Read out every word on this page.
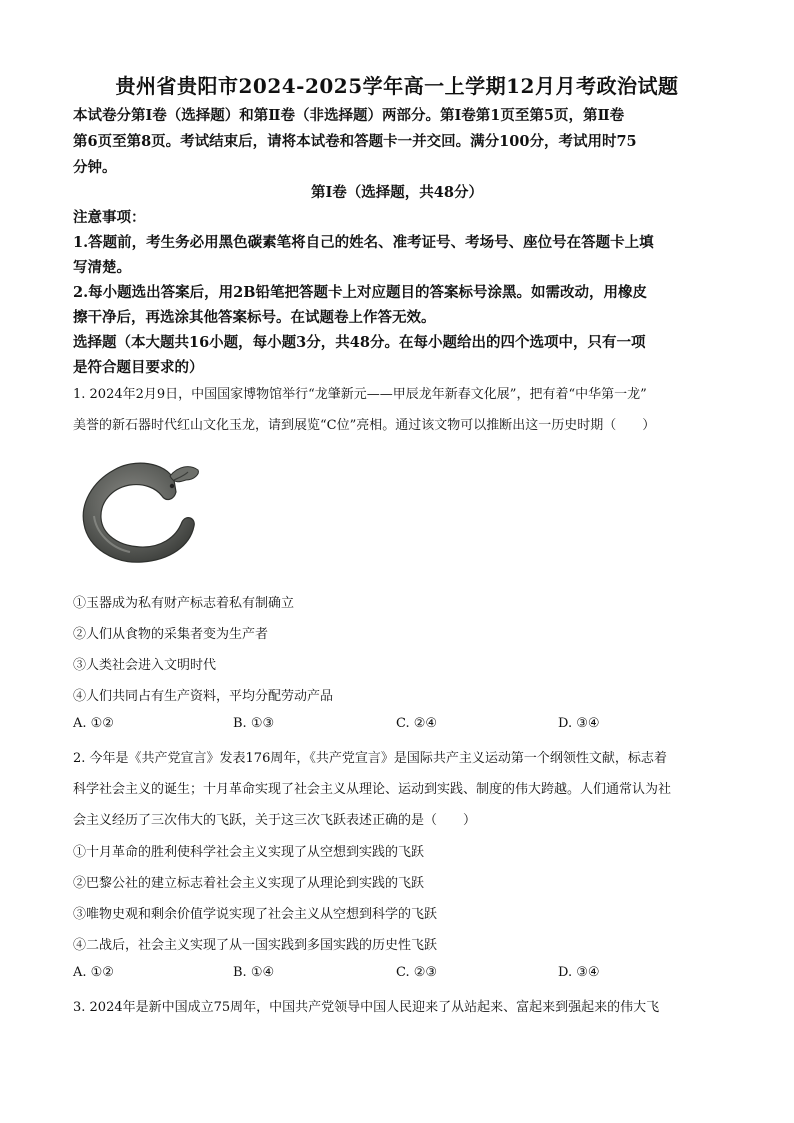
贵州省贵阳市2024-2025学年高一上学期12月月考政治试题
本试卷分第Ⅰ卷（选择题）和第Ⅱ卷（非选择题）两部分。第Ⅰ卷第1页至第5页，第Ⅱ卷
第6页至第8页。考试结束后，请将本试卷和答题卡一并交回。满分100分，考试用时75
分钟。
第Ⅰ卷（选择题，共48分）
注意事项：
1.答题前，考生务必用黑色碳素笔将自己的姓名、准考证号、考场号、座位号在答题卡上填
写清楚。
2.每小题选出答案后，用2B铅笔把答题卡上对应题目的答案标号涂黑。如需改动，用橡皮
擦干净后，再选涂其他答案标号。在试题卷上作答无效。
选择题（本大题共16小题，每小题3分，共48分。在每小题给出的四个选项中，只有一项
是符合题目要求的）
1. 2024年2月9日，中国国家博物馆举行“龙肇新元——甲辰龙年新春文化展”，把有着“中华第一龙”
美誉的新石器时代红山文化玉龙，请到展览“C位”亮相。通过该文物可以推断出这一历史时期（　　）
①玉器成为私有财产标志着私有制确立
②人们从食物的采集者变为生产者
③人类社会进入文明时代
④人们共同占有生产资料，平均分配劳动产品
A. ①②	B. ①③	C. ②④	D. ③④
2. 今年是《共产党宣言》发表176周年，《共产党宣言》是国际共产主义运动第一个纲领性文献，标志着
科学社会主义的诞生；十月革命实现了社会主义从理论、运动到实践、制度的伟大跨越。人们通常认为社
会主义经历了三次伟大的飞跃，关于这三次飞跃表述正确的是（　　）
①十月革命的胜利使科学社会主义实现了从空想到实践的飞跃
②巴黎公社的建立标志着社会主义实现了从理论到实践的飞跃
③唯物史观和剩余价值学说实现了社会主义从空想到科学的飞跃
④二战后，社会主义实现了从一国实践到多国实践的历史性飞跃
A. ①②	B. ①④	C. ②③	D. ③④
3. 2024年是新中国成立75周年，中国共产党领导中国人民迎来了从站起来、富起来到强起来的伟大飞
